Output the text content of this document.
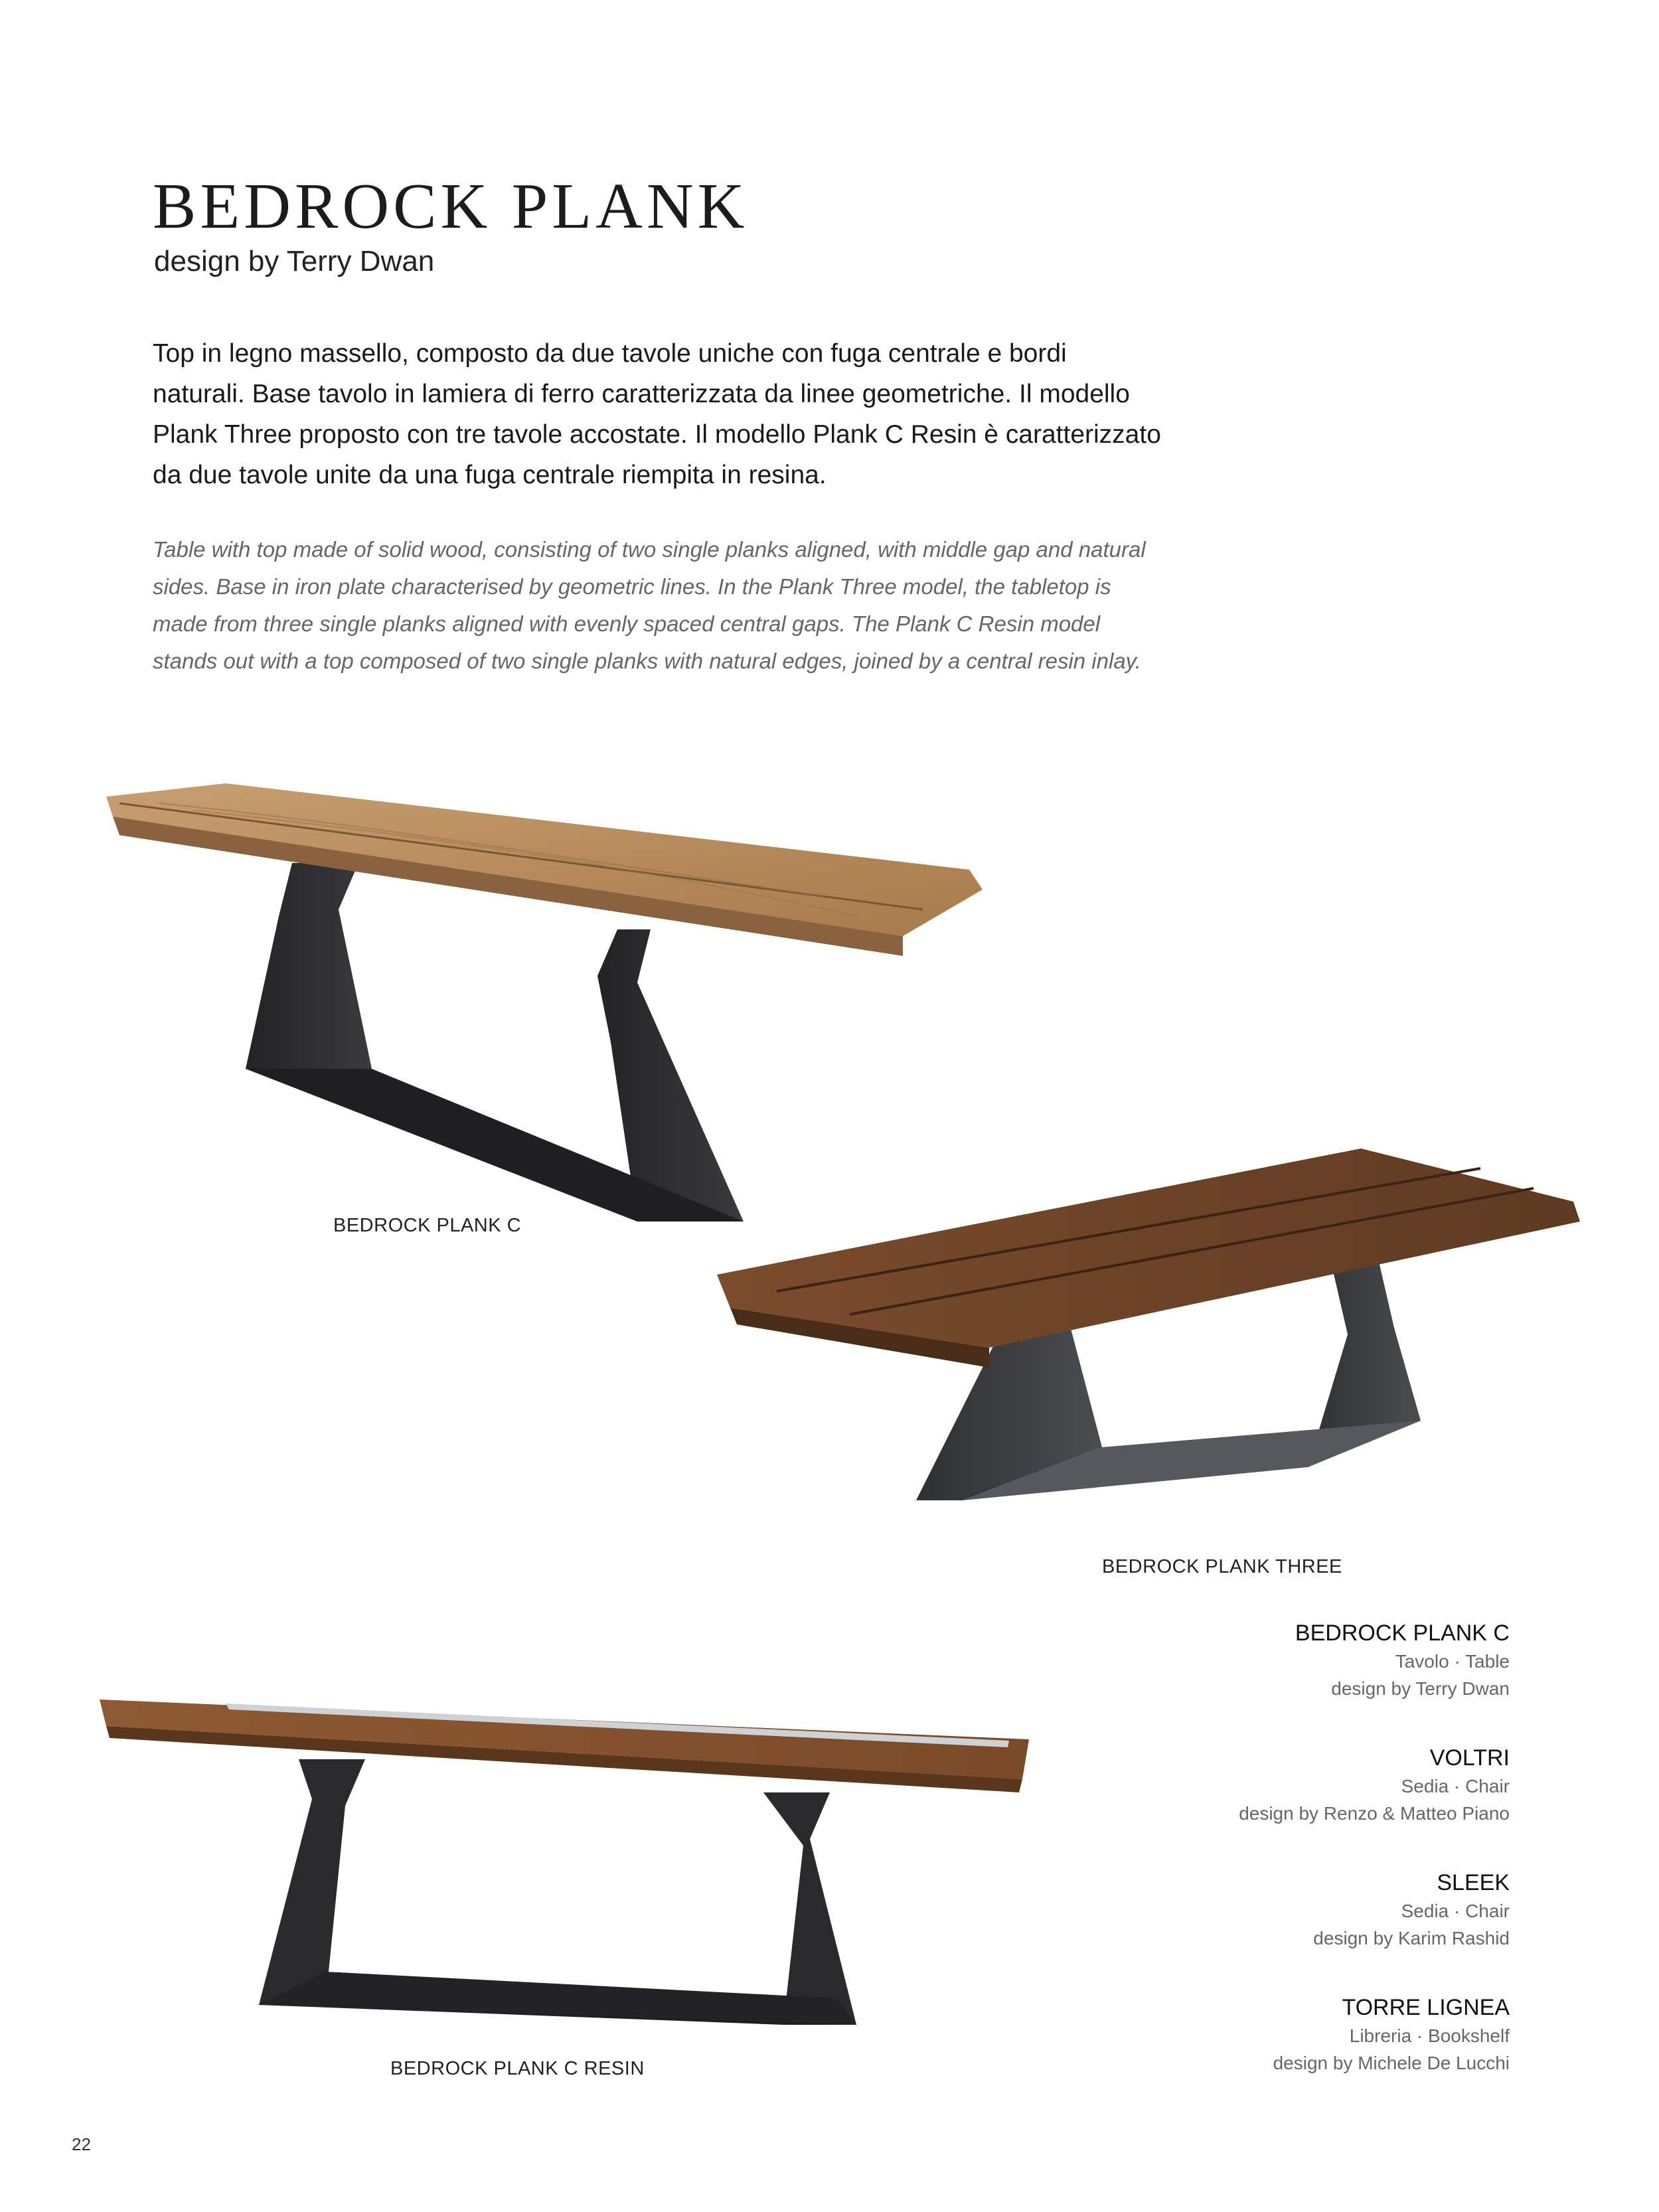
BEDROCK PLANK
design by Terry Dwan

Top in legno massello, composto da due tavole uniche con fuga centrale e bordi naturali. Base tavolo in lamiera di ferro caratterizzata da linee geometriche. Il modello Plank Three proposto con tre tavole accostate. Il modello Plank C Resin è caratterizzato da due tavole unite da una fuga centrale riempita in resina.

Table with top made of solid wood, consisting of two single planks aligned, with middle gap and natural sides. Base in iron plate characterised by geometric lines. In the Plank Three model, the tabletop is made from three single planks aligned with evenly spaced central gaps. The Plank C Resin model stands out with a top composed of two single planks with natural edges, joined by a central resin inlay.

BEDROCK PLANK C
BEDROCK PLANK THREE
BEDROCK PLANK C RESIN
BEDROCK PLANK C
Tavolo · Table
design by Terry Dwan
VOLTRI
Sedia · Chair
design by Renzo & Matteo Piano
SLEEK
Sedia · Chair
design by Karim Rashid
TORRE LIGNEA
Libreria · Bookshelf
design by Michele De Lucchi
22
